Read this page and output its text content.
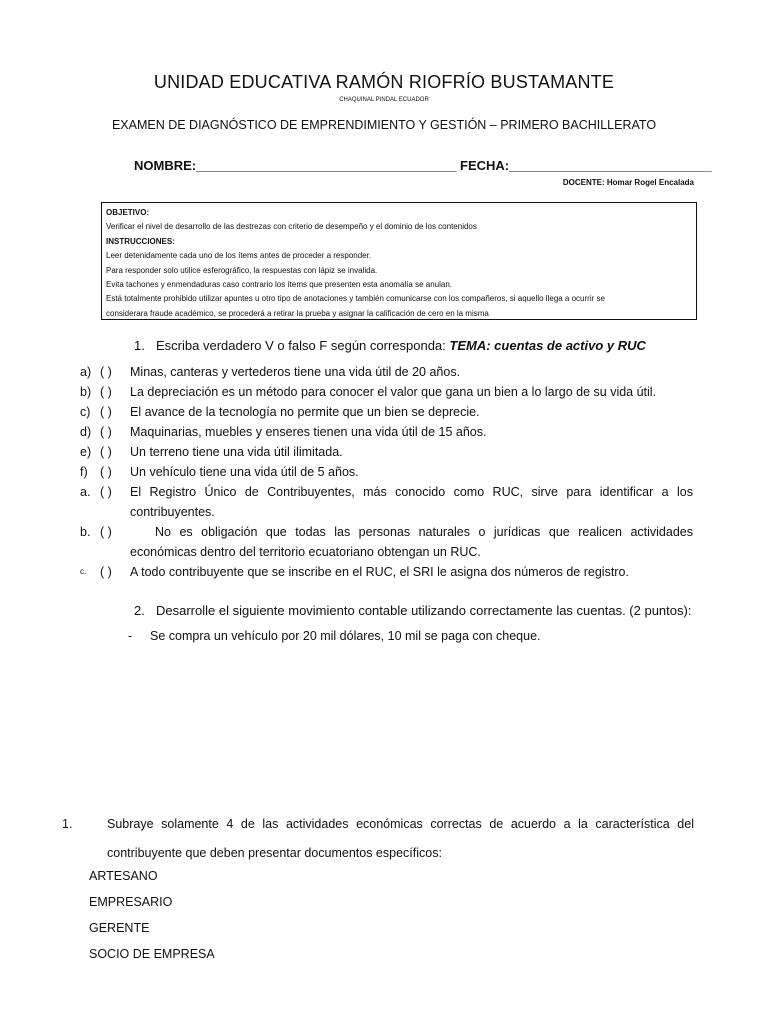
UNIDAD EDUCATIVA RAMÓN RIOFRÍO BUSTAMANTE
CHAQUINAL PINDAL ECUADOR
EXAMEN DE DIAGNÓSTICO DE EMPRENDIMIENTO Y GESTIÓN – PRIMERO BACHILLERATO
NOMBRE:____________________________________ FECHA:____________________________
DOCENTE: Homar Rogel Encalada
OBJETIVO:
Verificar el nivel de desarrollo de las destrezas con criterio de desempeño y el dominio de los contenidos
INSTRUCCIONES:
Leer detenidamente cada uno de los ítems antes de proceder a responder.
Para responder solo utilice esferográfico, la respuestas con lápiz se invalida.
Evita tachones y enmendaduras caso contrario los ítems que presenten esta anomalía se anulan.
Está totalmente prohibido utilizar apuntes u otro tipo de anotaciones y también comunicarse con los compañeros, si aquello llega a ocurrir se
considerara fraude académico, se procederá a retirar la prueba y asignar la calificación de cero en la misma
1. Escriba verdadero V o falso F según corresponda: TEMA: cuentas de activo y RUC
a) ( ) Minas, canteras y vertederos tiene una vida útil de 20 años.
b) ( ) La depreciación es un método para conocer el valor que gana un bien a lo largo de su vida útil.
c) ( ) El avance de la tecnología no permite que un bien se deprecie.
d) ( ) Maquinarias, muebles y enseres tienen una vida útil de 15 años.
e) ( ) Un terreno tiene una vida útil ilimitada.
f) ( ) Un vehículo tiene una vida útil de 5 años.
a. ( ) El Registro Único de Contribuyentes, más conocido como RUC, sirve para identificar a los contribuyentes.
b. ( )	No es obligación que todas las personas naturales o jurídicas que realicen actividades económicas dentro del territorio ecuatoriano obtengan un RUC.
c.	( ) A todo contribuyente que se inscribe en el RUC, el SRI le asigna dos números de registro.
2. Desarrolle el siguiente movimiento contable utilizando correctamente las cuentas. (2 puntos):
- Se compra un vehículo por 20 mil dólares, 10 mil se paga con cheque.
1.	Subraye solamente 4 de las actividades económicas correctas de acuerdo a la característica del contribuyente que deben presentar documentos específicos:
ARTESANO
EMPRESARIO
GERENTE
SOCIO DE EMPRESA
